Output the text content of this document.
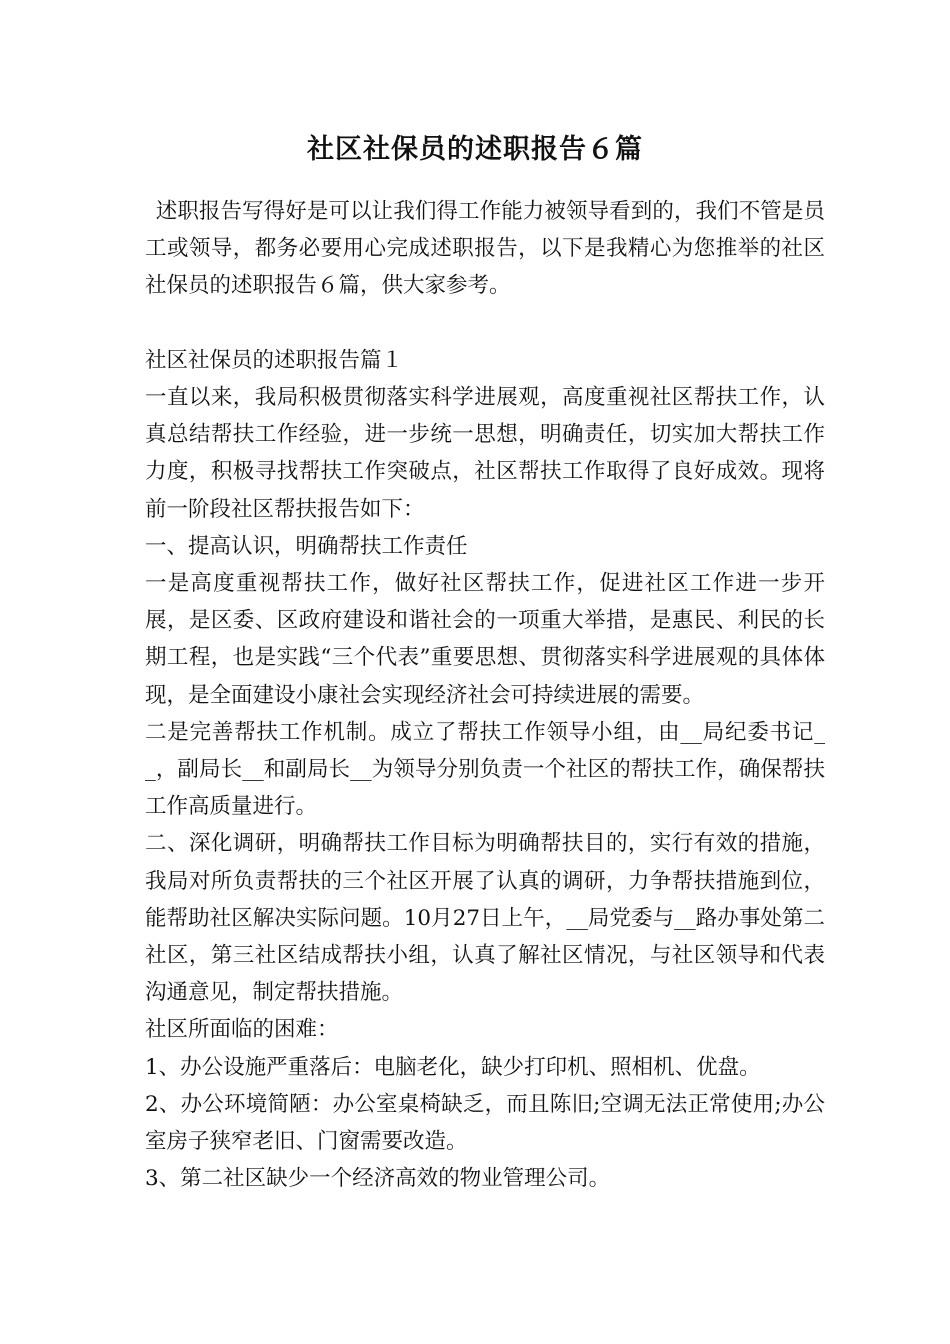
社区社保员的述职报告６篇

述职报告写得好是可以让我们得工作能力被领导看到的，我们不管是员工或领导，都务必要用心完成述职报告，以下是我精心为您推举的社区社保员的述职报告６篇，供大家参考。

社区社保员的述职报告篇１

一直以来，我局积极贯彻落实科学进展观，高度重视社区帮扶工作，认真总结帮扶工作经验，进一步统一思想，明确责任，切实加大帮扶工作力度，积极寻找帮扶工作突破点，社区帮扶工作取得了良好成效。现将前一阶段社区帮扶报告如下：

一、提高认识，明确帮扶工作责任

一是高度重视帮扶工作，做好社区帮扶工作，促进社区工作进一步开展，是区委、区政府建设和谐社会的一项重大举措，是惠民、利民的长期工程，也是实践“三个代表”重要思想、贯彻落实科学进展观的具体体现，是全面建设小康社会实现经济社会可持续进展的需要。

二是完善帮扶工作机制。成立了帮扶工作领导小组，由__局纪委书记__，副局长__和副局长__为领导分别负责一个社区的帮扶工作，确保帮扶工作高质量进行。

二、深化调研，明确帮扶工作目标为明确帮扶目的，实行有效的措施，我局对所负责帮扶的三个社区开展了认真的调研，力争帮扶措施到位，能帮助社区解决实际问题。10月27日上午，__局党委与__路办事处第二社区，第三社区结成帮扶小组，认真了解社区情况，与社区领导和代表沟通意见，制定帮扶措施。

社区所面临的困难：

1、办公设施严重落后：电脑老化，缺少打印机、照相机、优盘。

2、办公环境简陋：办公室桌椅缺乏，而且陈旧;空调无法正常使用;办公室房子狭窄老旧、门窗需要改造。

3、第二社区缺少一个经济高效的物业管理公司。
